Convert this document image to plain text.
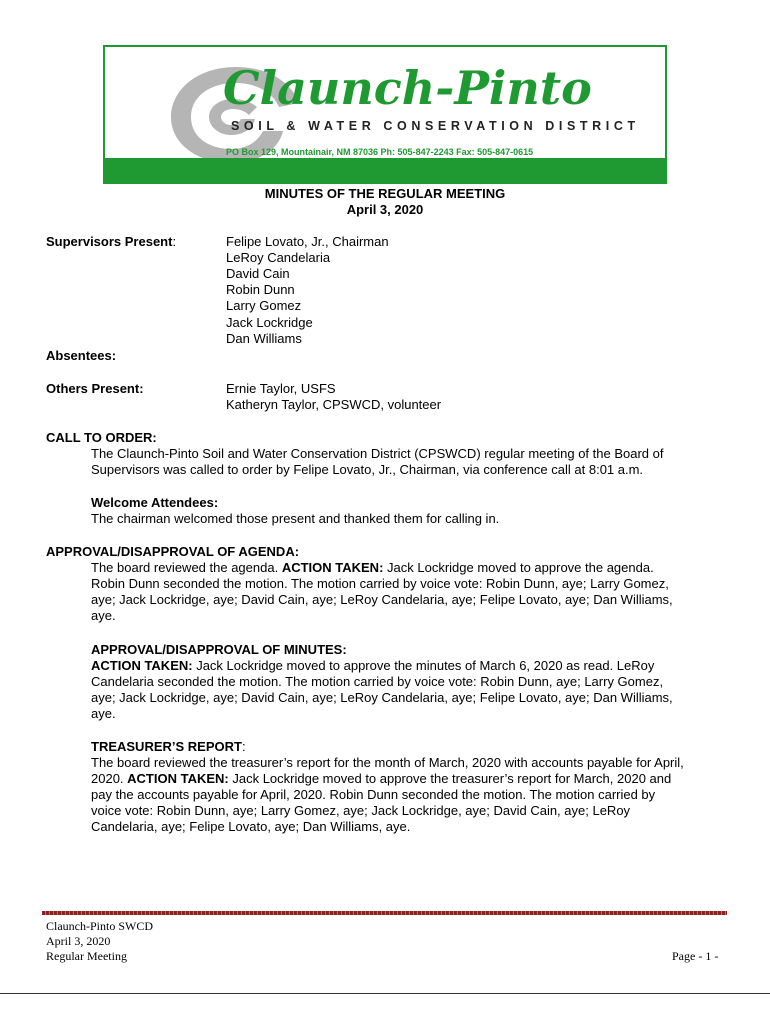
Claunch-Pinto
SOIL & WATER CONSERVATION DISTRICT
PO Box 129, Mountainair, NM 87036 Ph: 505-847-2243 Fax: 505-847-0615
MINUTES OF THE REGULAR MEETING
April 3, 2020
Supervisors Present:	Felipe Lovato, Jr., Chairman
LeRoy Candelaria
David Cain
Robin Dunn
Larry Gomez
Jack Lockridge
Dan Williams
Absentees:
Others Present:	Ernie Taylor, USFS
Katheryn Taylor, CPSWCD, volunteer
CALL TO ORDER:
The Claunch-Pinto Soil and Water Conservation District (CPSWCD) regular meeting of the Board of
Supervisors was called to order by Felipe Lovato, Jr., Chairman, via conference call at 8:01 a.m.
Welcome Attendees:
The chairman welcomed those present and thanked them for calling in.
APPROVAL/DISAPPROVAL OF AGENDA:
The board reviewed the agenda. ACTION TAKEN: Jack Lockridge moved to approve the agenda.
Robin Dunn seconded the motion. The motion carried by voice vote: Robin Dunn, aye; Larry Gomez,
aye; Jack Lockridge, aye; David Cain, aye; LeRoy Candelaria, aye; Felipe Lovato, aye; Dan Williams,
aye.
APPROVAL/DISAPPROVAL OF MINUTES:
ACTION TAKEN: Jack Lockridge moved to approve the minutes of March 6, 2020 as read. LeRoy
Candelaria seconded the motion. The motion carried by voice vote: Robin Dunn, aye; Larry Gomez,
aye; Jack Lockridge, aye; David Cain, aye; LeRoy Candelaria, aye; Felipe Lovato, aye; Dan Williams,
aye.
TREASURER’S REPORT:
The board reviewed the treasurer’s report for the month of March, 2020 with accounts payable for April,
2020. ACTION TAKEN: Jack Lockridge moved to approve the treasurer’s report for March, 2020 and
pay the accounts payable for April, 2020. Robin Dunn seconded the motion. The motion carried by
voice vote: Robin Dunn, aye; Larry Gomez, aye; Jack Lockridge, aye; David Cain, aye; LeRoy
Candelaria, aye; Felipe Lovato, aye; Dan Williams, aye.
Claunch-Pinto SWCD
April 3, 2020
Regular Meeting	Page - 1 -
